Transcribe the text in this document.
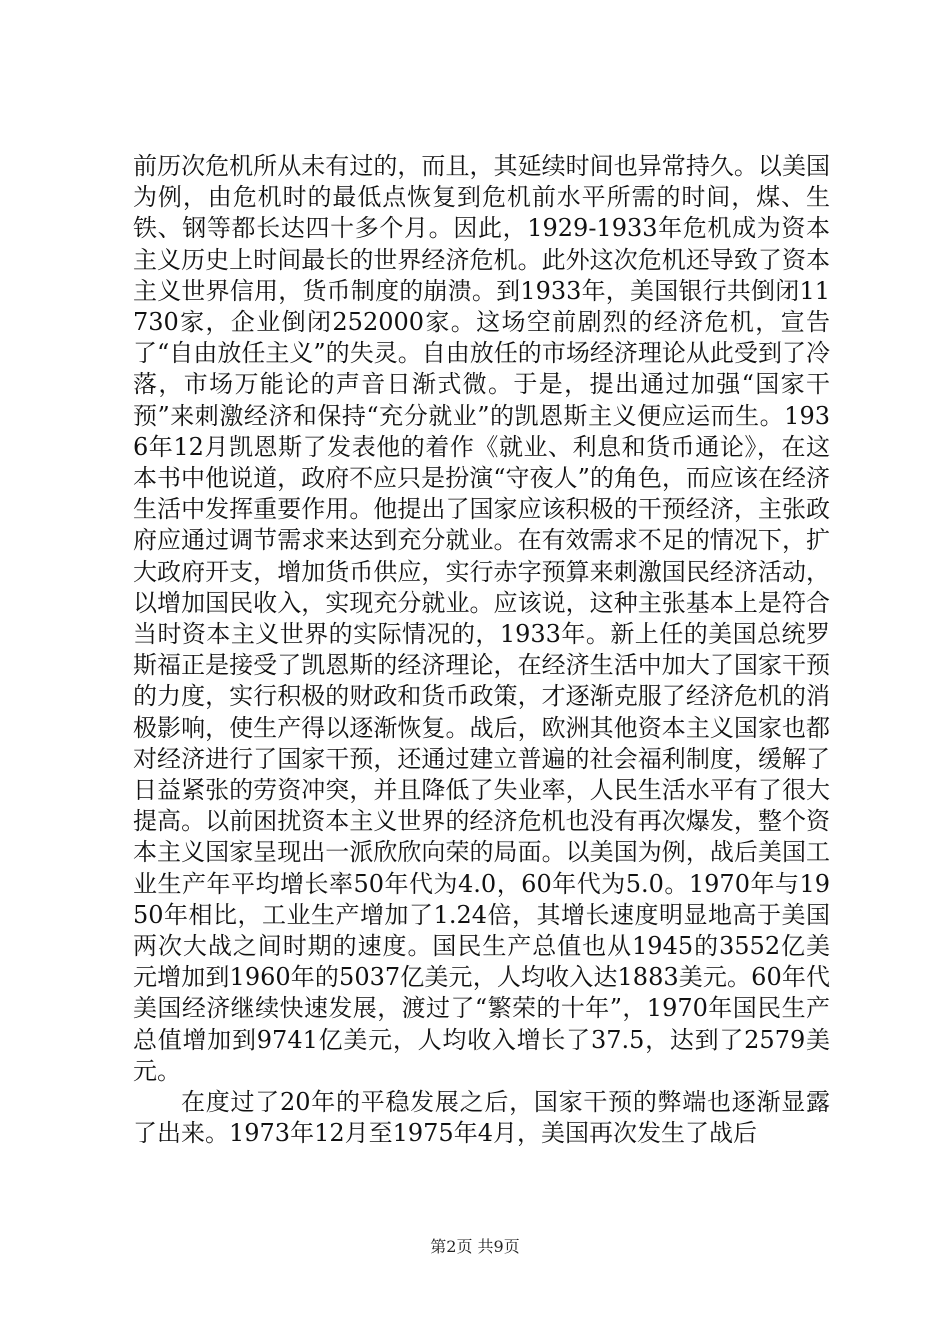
前历次危机所从未有过的，而且，其延续时间也异常持久。以美国为例，由危机时的最低点恢复到危机前水平所需的时间，煤、生铁、钢等都长达四十多个月。因此，1929-1933年危机成为资本主义历史上时间最长的世界经济危机。此外这次危机还导致了资本主义世界信用，货币制度的崩溃。到1933年，美国银行共倒闭11730家，企业倒闭252000家。这场空前剧烈的经济危机，宣告了“自由放任主义”的失灵。自由放任的市场经济理论从此受到了冷落，市场万能论的声音日渐式微。于是，提出通过加强“国家干预”来刺激经济和保持“充分就业”的凯恩斯主义便应运而生。1936年12月凯恩斯了发表他的着作《就业、利息和货币通论》，在这本书中他说道，政府不应只是扮演“守夜人”的角色，而应该在经济生活中发挥重要作用。他提出了国家应该积极的干预经济，主张政府应通过调节需求来达到充分就业。在有效需求不足的情况下，扩大政府开支，增加货币供应，实行赤字预算来刺激国民经济活动，以增加国民收入，实现充分就业。应该说，这种主张基本上是符合当时资本主义世界的实际情况的，1933年。新上任的美国总统罗斯福正是接受了凯恩斯的经济理论，在经济生活中加大了国家干预的力度，实行积极的财政和货币政策，才逐渐克服了经济危机的消极影响，使生产得以逐渐恢复。战后，欧洲其他资本主义国家也都对经济进行了国家干预，还通过建立普遍的社会福利制度，缓解了日益紧张的劳资冲突，并且降低了失业率，人民生活水平有了很大提高。以前困扰资本主义世界的经济危机也没有再次爆发，整个资本主义国家呈现出一派欣欣向荣的局面。以美国为例，战后美国工业生产年平均增长率50年代为4.0，60年代为5.0。1970年与1950年相比，工业生产增加了1.24倍，其增长速度明显地高于美国两次大战之间时期的速度。国民生产总值也从1945的3552亿美元增加到1960年的5037亿美元，人均收入达1883美元。60年代美国经济继续快速发展，渡过了“繁荣的十年”，1970年国民生产总值增加到9741亿美元，人均收入增长了37.5，达到了2579美元。

在度过了20年的平稳发展之后，国家干预的弊端也逐渐显露了出来。1973年12月至1975年4月，美国再次发生了战后

第2页 共9页
